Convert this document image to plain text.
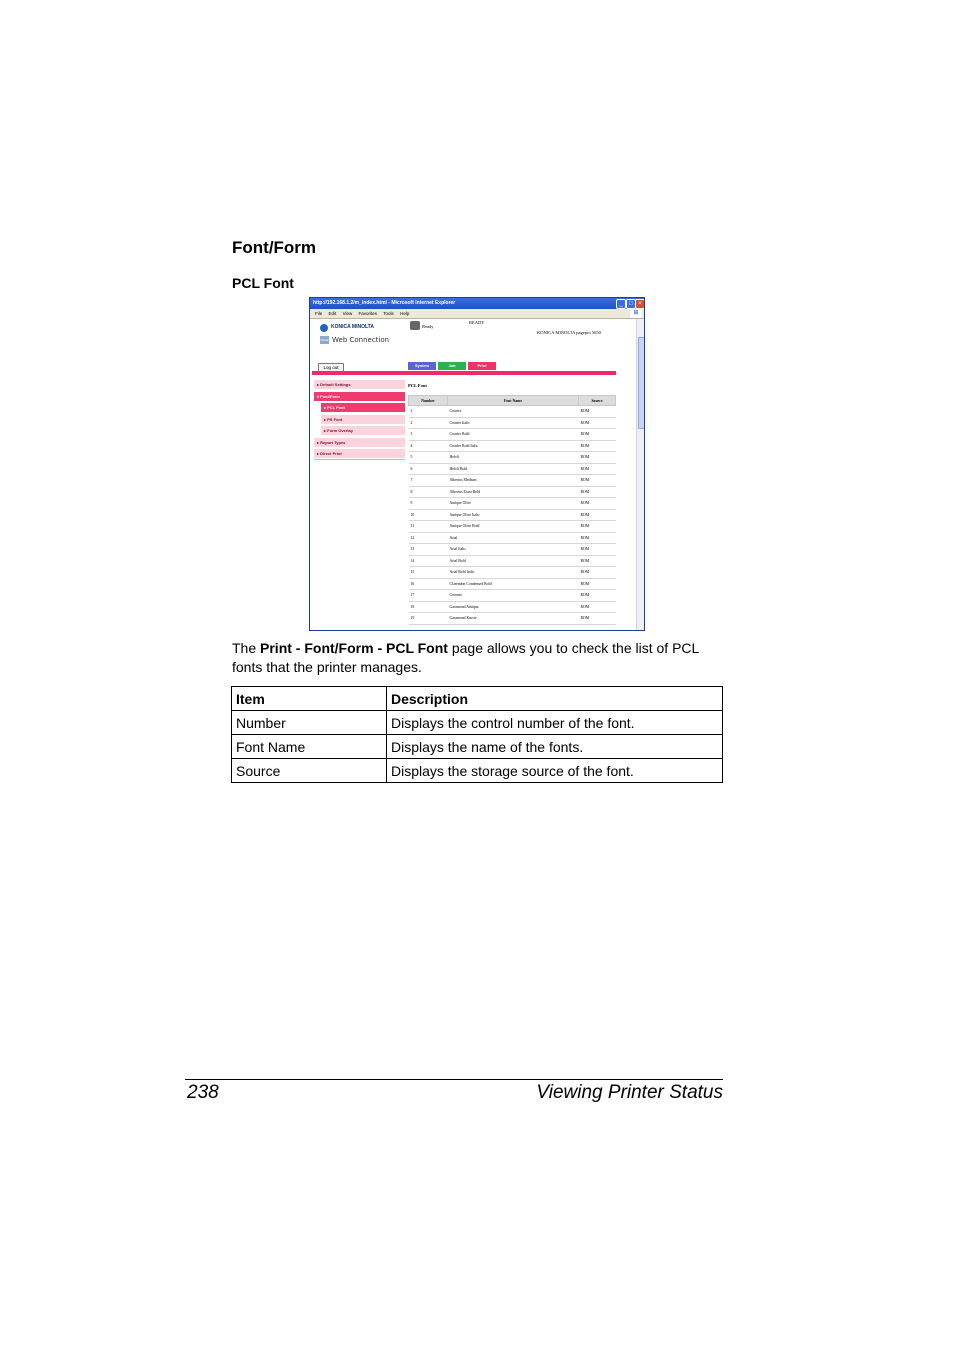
Font/Form
PCL Font
http://192.168.1.2/m_index.html - Microsoft Internet Explorer	_	□ ×
File Edit View Favorites Tools Help	⊞
KONICA MINOLTA
PAGE SCOPE
Web Connection
Ready
READY
KONICA MINOLTA pagepro 5650
Log out	System	Job	Print
▸ Default Settings
▾ Font/Form
▸ PCL Font
▸ PS Font
▸ Form Overlay
▸ Report Types
▸ Direct Print
PCL Font
Number	Font Name	Source
1	Courier	ROM
2	Courier Italic	ROM
3	Courier Bold	ROM
4	Courier Bold Italic	ROM
5	Helvlt	ROM
6	Helvlt Bold	ROM
7	Albertus Medium	ROM
8	Albertus Extra Bold	ROM
9	Antique Olive	ROM
10	Antique Olive Italic	ROM
11	Antique Olive Bold	ROM
12	Arial	ROM
13	Arial Italic	ROM
14	Arial Bold	ROM
15	Arial Bold Italic	ROM
16	Clarendon Condensed Bold	ROM
17	Coronet	ROM
18	Garamond Antiqua	ROM
19	Garamond Kursiv	ROM
The Print - Font/Form - PCL Font page allows you to check the list of PCL fonts that the printer manages.
Item	Description
Number	Displays the control number of the font.
Font Name	Displays the name of the fonts.
Source	Displays the storage source of the font.
238	Viewing Printer Status
